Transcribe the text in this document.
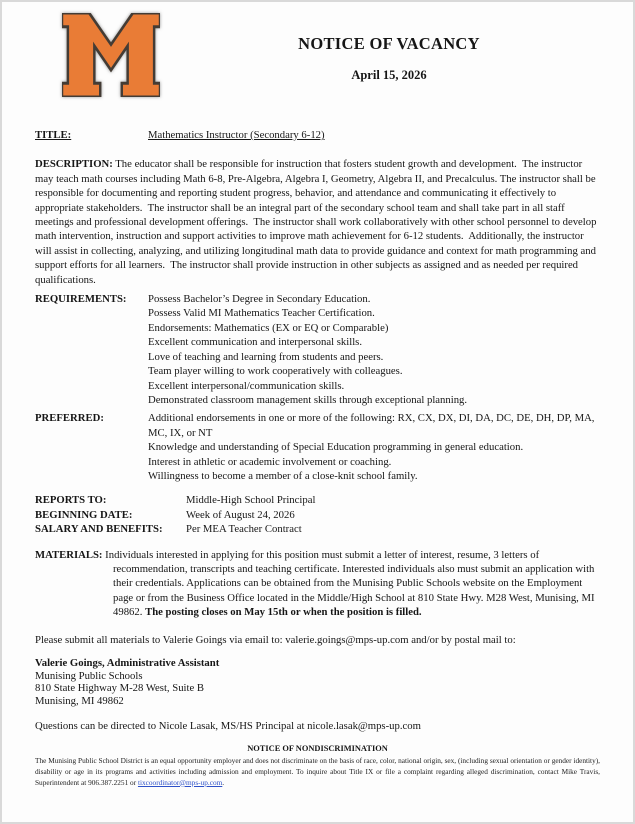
NOTICE OF VACANCY
April 15, 2026
TITLE:	Mathematics Instructor (Secondary 6-12)

DESCRIPTION: The educator shall be responsible for instruction that fosters student growth and development.  The instructor may teach math courses including Math 6-8, Pre-Algebra, Algebra I, Geometry, Algebra II, and Precalculus. The instructor shall be responsible for documenting and reporting student progress, behavior, and attendance and communicating it effectively to appropriate stakeholders.  The instructor shall be an integral part of the secondary school team and shall take part in all staff meetings and professional development offerings.  The instructor shall work collaboratively with other school personnel to develop math intervention, instruction and support activities to improve math achievement for 6-12 students.  Additionally, the instructor will assist in collecting, analyzing, and utilizing longitudinal math data to provide guidance and context for math programming and support efforts for all learners.  The instructor shall provide instruction in other subjects as assigned and as needed per required qualifications.

REQUIREMENTS:	Possess Bachelor’s Degree in Secondary Education.
Possess Valid MI Mathematics Teacher Certification.
Endorsements: Mathematics (EX or EQ or Comparable)
Excellent communication and interpersonal skills.
Love of teaching and learning from students and peers.
Team player willing to work cooperatively with colleagues.
Excellent interpersonal/communication skills.
Demonstrated classroom management skills through exceptional planning.
PREFERRED:	Additional endorsements in one or more of the following: RX, CX, DX, DI, DA, DC, DE, DH, DP, MA, MC, IX, or NT
Knowledge and understanding of Special Education programming in general education.
Interest in athletic or academic involvement or coaching.
Willingness to become a member of a close-knit school family.
REPORTS TO:	Middle-High School Principal
BEGINNING DATE:	Week of August 24, 2026
SALARY AND BENEFITS:	Per MEA Teacher Contract

MATERIALS: Individuals interested in applying for this position must submit a letter of interest, resume, 3 letters of recommendation, transcripts and teaching certificate. Interested individuals also must submit an application with their credentials. Applications can be obtained from the Munising Public Schools website on the Employment page or from the Business Office located in the Middle/High School at 810 State Hwy. M28 West, Munising, MI 49862. The posting closes on May 15th or when the position is filled.

Please submit all materials to Valerie Goings via email to: valerie.goings@mps-up.com and/or by postal mail to:

Valerie Goings, Administrative Assistant
Munising Public Schools
810 State Highway M-28 West, Suite B
Munising, MI 49862

Questions can be directed to Nicole Lasak, MS/HS Principal at nicole.lasak@mps-up.com

NOTICE OF NONDISCRIMINATION

The Munising Public School District is an equal opportunity employer and does not discriminate on the basis of race, color, national origin, sex, (including sexual orientation or gender identity), disability or age in its programs and activities including admission and employment. To inquire about Title IX or file a complaint regarding alleged discrimination, contact Mike Travis, Superintendent at 906.387.2251 or tixcoordinator@mps-up.com.
